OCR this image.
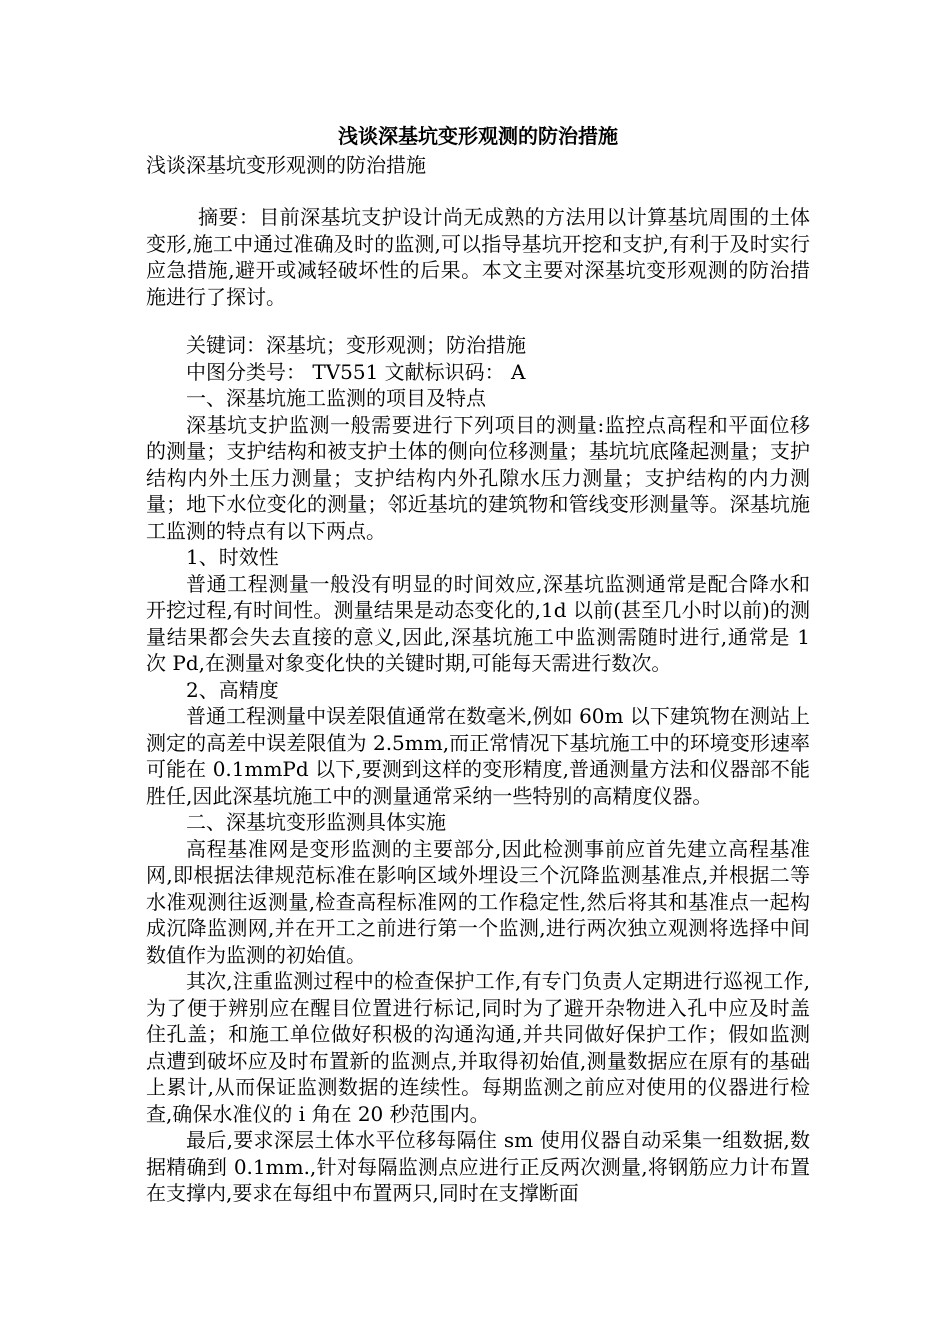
浅谈深基坑变形观测的防治措施

浅谈深基坑变形观测的防治措施

摘要：目前深基坑支护设计尚无成熟的方法用以计算基坑周围的土体变形,施工中通过准确及时的监测,可以指导基坑开挖和支护,有利于及时实行应急措施,避开或减轻破坏性的后果。本文主要对深基坑变形观测的防治措施进行了探讨。

关键词：深基坑；变形观测；防治措施

中图分类号： TV551 文献标识码： A

一、深基坑施工监测的项目及特点

深基坑支护监测一般需要进行下列项目的测量:监控点高程和平面位移的测量；支护结构和被支护土体的侧向位移测量；基坑坑底隆起测量；支护结构内外土压力测量；支护结构内外孔隙水压力测量；支护结构的内力测量；地下水位变化的测量；邻近基坑的建筑物和管线变形测量等。深基坑施工监测的特点有以下两点。

1、时效性

普通工程测量一般没有明显的时间效应,深基坑监测通常是配合降水和开挖过程,有时间性。测量结果是动态变化的,1d 以前(甚至几小时以前)的测量结果都会失去直接的意义,因此,深基坑施工中监测需随时进行,通常是 1 次 Pd,在测量对象变化快的关键时期,可能每天需进行数次。

2、高精度

普通工程测量中误差限值通常在数毫米,例如 60m 以下建筑物在测站上测定的高差中误差限值为 2.5mm,而正常情况下基坑施工中的环境变形速率可能在 0.1mmPd 以下,要测到这样的变形精度,普通测量方法和仪器部不能胜任,因此深基坑施工中的测量通常采纳一些特别的高精度仪器。

二、深基坑变形监测具体实施

高程基准网是变形监测的主要部分,因此检测事前应首先建立高程基准网,即根据法律规范标准在影响区域外埋设三个沉降监测基准点,并根据二等水准观测往返测量,检查高程标准网的工作稳定性,然后将其和基准点一起构成沉降监测网,并在开工之前进行第一个监测,进行两次独立观测将选择中间数值作为监测的初始值。

其次,注重监测过程中的检查保护工作,有专门负责人定期进行巡视工作,为了便于辨别应在醒目位置进行标记,同时为了避开杂物进入孔中应及时盖住孔盖；和施工单位做好积极的沟通沟通,并共同做好保护工作；假如监测点遭到破坏应及时布置新的监测点,并取得初始值,测量数据应在原有的基础上累计,从而保证监测数据的连续性。每期监测之前应对使用的仪器进行检查,确保水准仪的 i 角在 20 秒范围内。

最后,要求深层土体水平位移每隔住 sm 使用仪器自动采集一组数据,数据精确到 0.1mm.,针对每隔监测点应进行正反两次测量,将钢筋应力计布置在支撑内,要求在每组中布置两只,同时在支撑断面
